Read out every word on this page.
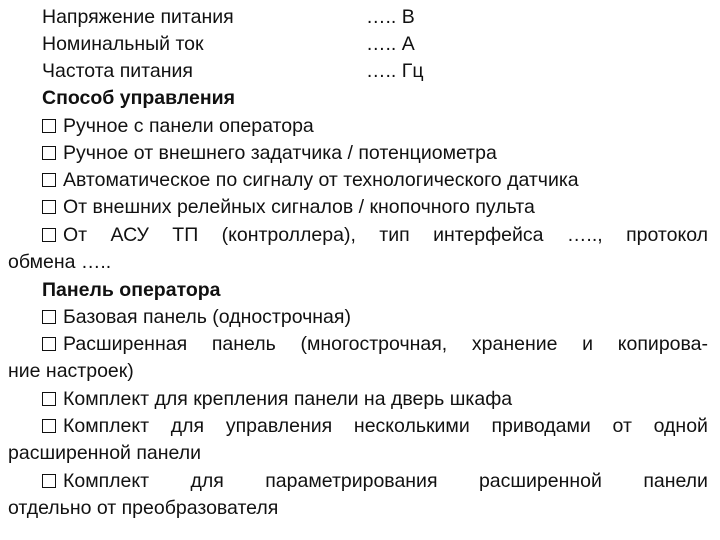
Напряжение питания	….. В
Номинальный ток	….. А
Частота питания	….. Гц
Способ управления
Ручное с панели оператора
Ручное от внешнего задатчика / потенциометра
Автоматическое по сигналу от технологического датчика
От внешних релейных сигналов / кнопочного пульта
От АСУ ТП (контроллера), тип интерфейса ….., протокол
обмена …..
Панель оператора
Базовая панель (однострочная)
Расширенная панель (многострочная, хранение и копирова-
ние настроек)
Комплект для крепления панели на дверь шкафа
Комплект для управления несколькими приводами от одной
расширенной панели
Комплект для параметрирования расширенной панели
отдельно от преобразователя
